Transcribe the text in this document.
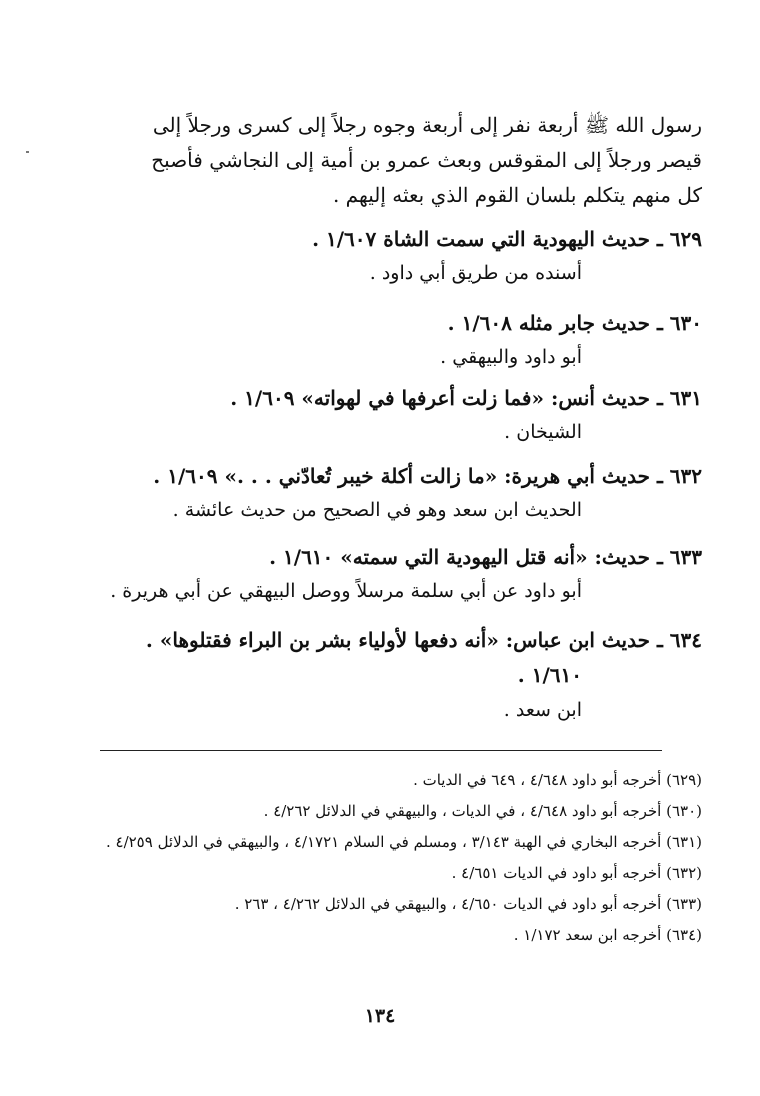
رسول الله ﷺ أربعة نفر إلى أربعة وجوه رجلاً إلى كسرى ورجلاً إلى
قيصر ورجلاً إلى المقوقس وبعث عمرو بن أمية إلى النجاشي فأصبح
كل منهم يتكلم بلسان القوم الذي بعثه إليهم .
٦٢٩ ـ حديث اليهودية التي سمت الشاة ١/٦٠٧ .
أسنده من طريق أبي داود .
٦٣٠ ـ حديث جابر مثله ١/٦٠٨ .
أبو داود والبيهقي .
٦٣١ ـ حديث أنس: «فما زلت أعرفها في لهواته» ١/٦٠٩ .
الشيخان .
٦٣٢ ـ حديث أبي هريرة: «ما زالت أكلة خيبر تُعادّني . . .» ١/٦٠٩ .
الحديث ابن سعد وهو في الصحيح من حديث عائشة .
٦٣٣ ـ حديث: «أنه قتل اليهودية التي سمته» ١/٦١٠ .
أبو داود عن أبي سلمة مرسلاً ووصل البيهقي عن أبي هريرة .
٦٣٤ ـ حديث ابن عباس: «أنه دفعها لأولياء بشر بن البراء فقتلوها» .
١/٦١٠ .
ابن سعد .
(٦٢٩) أخرجه أبو داود ٤/٦٤٨ ، ٦٤٩ في الديات .
(٦٣٠) أخرجه أبو داود ٤/٦٤٨ ، في الديات ، والبيهقي في الدلائل ٤/٢٦٢ .
(٦٣١) أخرجه البخاري في الهبة ٣/١٤٣ ، ومسلم في السلام ٤/١٧٢١ ، والبيهقي في الدلائل ٤/٢٥٩ .
(٦٣٢) أخرجه أبو داود في الديات ٤/٦٥١ .
(٦٣٣) أخرجه أبو داود في الديات ٤/٦٥٠ ، والبيهقي في الدلائل ٤/٢٦٢ ، ٢٦٣ .
(٦٣٤) أخرجه ابن سعد ١/١٧٢ .
١٣٤
